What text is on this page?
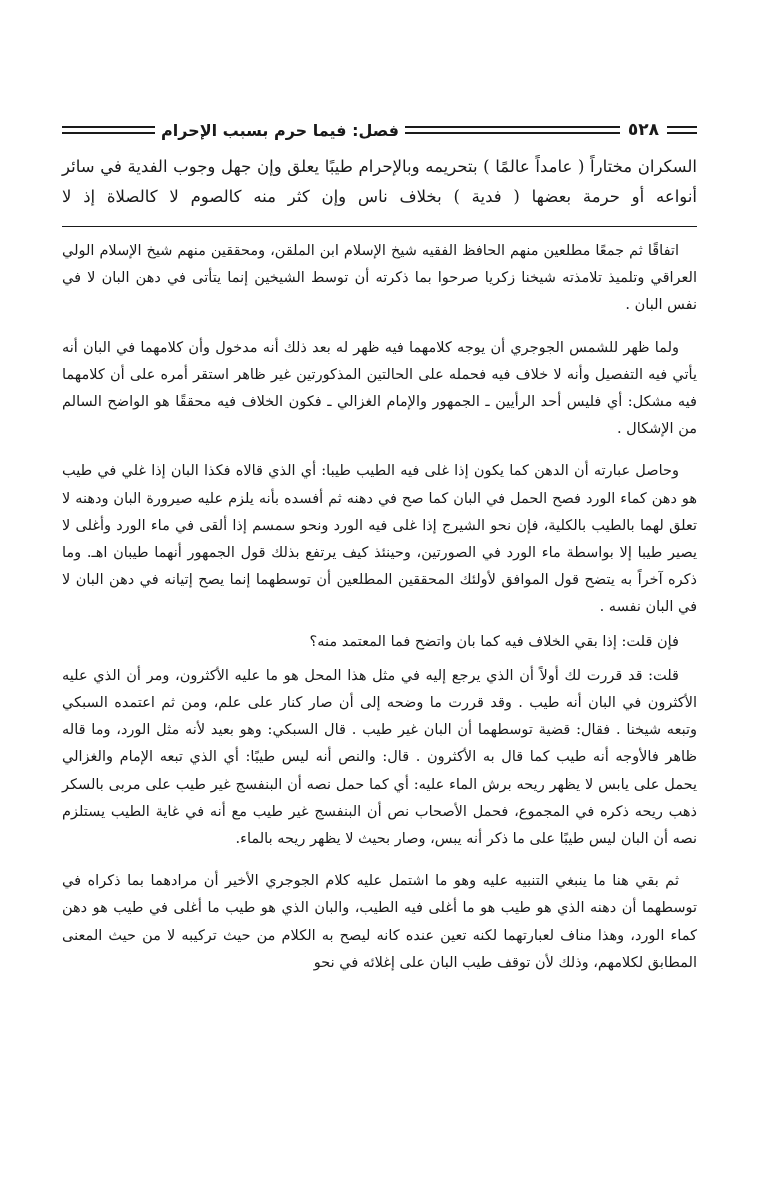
فصل: فيما حرم بسبب الإحرام	٥٢٨
السكران مختاراً ( عامداً عالمًا ) بتحريمه وبالإحرام طيبًا يعلق وإن جهل وجوب الفدية في سائر أنواعه أو حرمة بعضها ( فدية ) بخلاف ناس وإن كثر منه كالصوم لا كالصلاة إذ لا

اتفاقًا ثم جمعًا مطلعين منهم الحافظ الفقيه شيخ الإسلام ابن الملقن، ومحققين منهم شيخ الإسلام الولي العراقي وتلميذ تلامذته شيخنا زكريا صرحوا بما ذكرته أن توسط الشيخين إنما يتأتى في دهن البان لا في نفس البان .

ولما ظهر للشمس الجوجري أن يوجه كلامهما فيه ظهر له بعد ذلك أنه مدخول وأن كلامهما في البان أنه يأتي فيه التفصيل وأنه لا خلاف فيه فحمله على الحالتين المذكورتين غير ظاهر استقر أمره على أن كلامهما فيه مشكل: أي فليس أحد الرأيين ـ الجمهور والإمام الغزالي ـ فكون الخلاف فيه محققًا هو الواضح السالم من الإشكال .

وحاصل عبارته أن الدهن كما يكون إذا غلى فيه الطيب طيبا: أي الذي قالاه فكذا البان إذا غلي في طيب هو دهن كماء الورد فصح الحمل في البان كما صح في دهنه ثم أفسده بأنه يلزم عليه صيرورة البان ودهنه لا تعلق لهما بالطيب بالكلية، فإن نحو الشيرج إذا غلى فيه الورد ونحو سمسم إذا ألقى في ماء الورد وأغلى لا يصير طيبا إلا بواسطة ماء الورد في الصورتين، وحينئذ كيف يرتفع بذلك قول الجمهور أنهما طيبان اهـ. وما ذكره آخراً به يتضح قول الموافق لأولئك المحققين المطلعين أن توسطهما إنما يصح إتيانه في دهن البان لا في البان نفسه .

فإن قلت: إذا بقي الخلاف فيه كما بان واتضح فما المعتمد منه؟

قلت: قد قررت لك أولاً أن الذي يرجع إليه في مثل هذا المحل هو ما عليه الأكثرون، ومر أن الذي عليه الأكثرون في البان أنه طيب . وقد قررت ما وضحه إلى أن صار كنار على علم، ومن ثم اعتمده السبكي وتبعه شيخنا . فقال: قضية توسطهما أن البان غير طيب . قال السبكي: وهو بعيد لأنه مثل الورد، وما قاله ظاهر فالأوجه أنه طيب كما قال به الأكثرون . قال: والنص أنه ليس طيبًا: أي الذي تبعه الإمام والغزالي يحمل على يابس لا يظهر ريحه برش الماء عليه: أي كما حمل نصه أن البنفسج غير طيب على مربى بالسكر ذهب ريحه ذكره في المجموع، فحمل الأصحاب نص أن البنفسج غير طيب مع أنه في غاية الطيب يستلزم نصه أن البان ليس طيبًا على ما ذكر أنه يبس، وصار بحيث لا يظهر ريحه بالماء.

ثم بقي هنا ما ينبغي التنبيه عليه وهو ما اشتمل عليه كلام الجوجري الأخير أن مرادهما بما ذكراه في توسطهما أن دهنه الذي هو طيب هو ما أغلى فيه الطيب، والبان الذي هو طيب ما أغلى في طيب هو دهن كماء الورد، وهذا مناف لعبارتهما لكنه تعين عنده كانه ليصح به الكلام من حيث تركيبه لا من حيث المعنى المطابق لكلامهم، وذلك لأن توقف طيب البان على إغلائه في نحو
